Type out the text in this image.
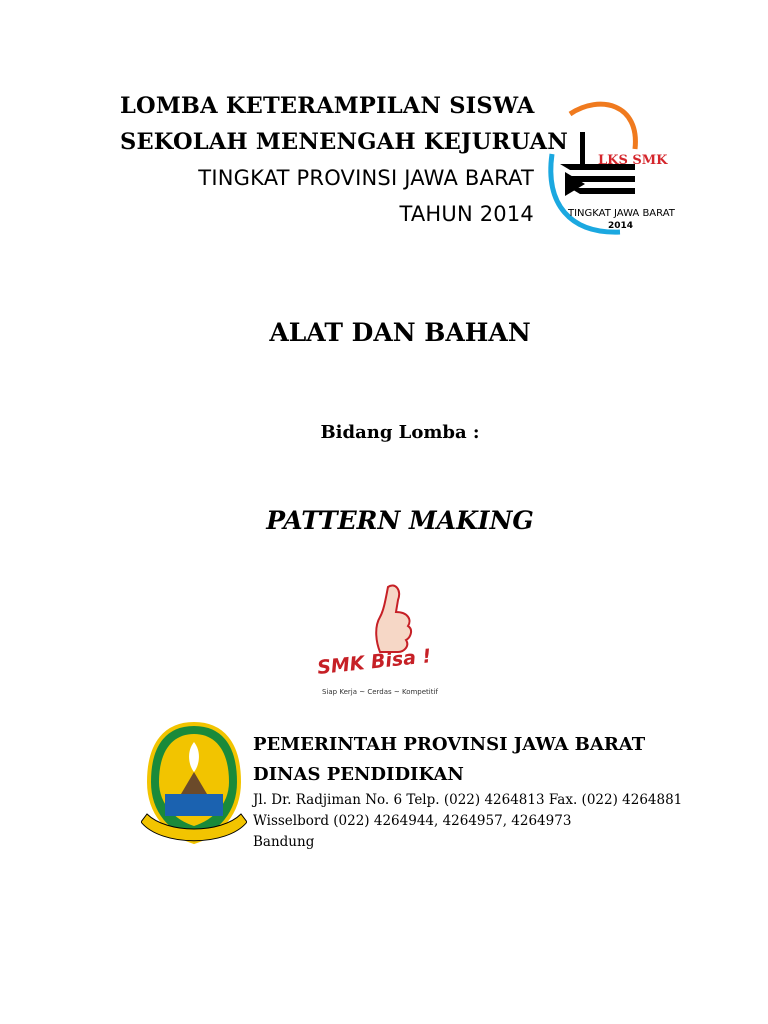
LOMBA KETERAMPILAN SISWA
SEKOLAH MENENGAH KEJURUAN
TINGKAT PROVINSI JAWA BARAT
TAHUN 2014
LKS SMK
TINGKAT JAWA BARAT
2014
ALAT DAN BAHAN
Bidang Lomba :
PATTERN MAKING
SMK Bisa !
Siap Kerja ~ Cerdas ~ Kompetitif
PEMERINTAH PROVINSI JAWA BARAT
DINAS PENDIDIKAN
Jl. Dr. Radjiman No. 6 Telp. (022) 4264813 Fax. (022) 4264881
Wisselbord (022) 4264944, 4264957, 4264973
Bandung
